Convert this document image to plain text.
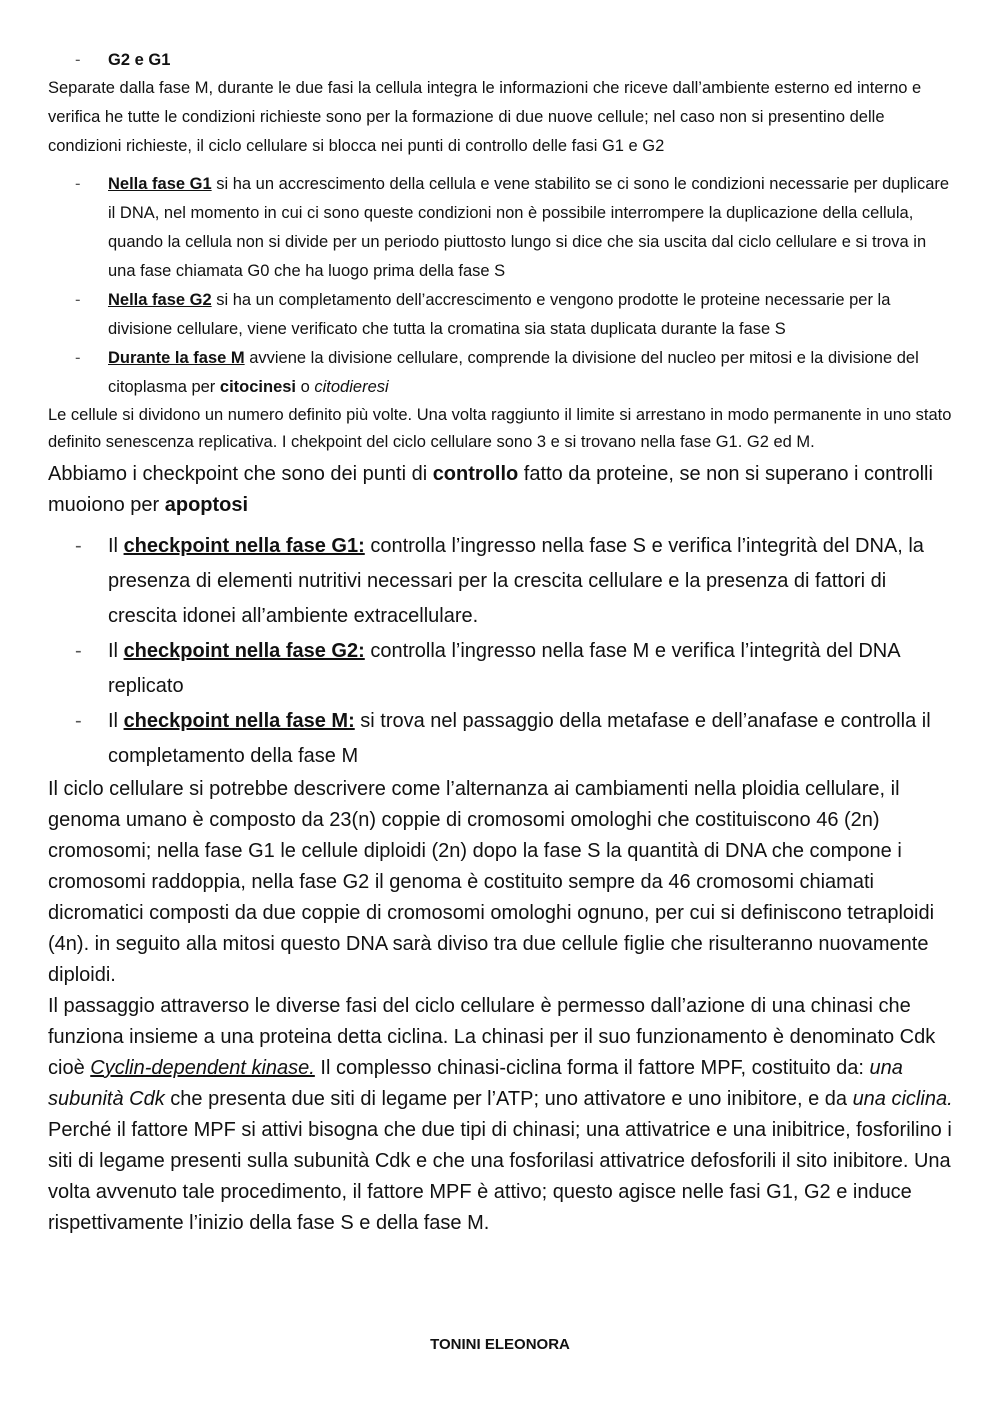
- G2 e G1

Separate dalla fase M, durante le due fasi la cellula integra le informazioni che riceve dall’ambiente esterno ed interno e verifica he tutte le condizioni richieste sono per la formazione di due nuove cellule; nel caso non si presentino delle condizioni richieste, il ciclo cellulare si blocca nei punti di controllo delle fasi G1 e G2

- Nella fase G1 si ha un accrescimento della cellula e vene stabilito se ci sono le condizioni necessarie per duplicare il DNA, nel momento in cui ci sono queste condizioni non è possibile interrompere la duplicazione della cellula, quando la cellula non si divide per un periodo piuttosto lungo si dice che sia uscita dal ciclo cellulare e si trova in una fase chiamata G0 che ha luogo prima della fase S
- Nella fase G2 si ha un completamento dell’accrescimento e vengono prodotte le proteine necessarie per la divisione cellulare, viene verificato che tutta la cromatina sia stata duplicata durante la fase S
- Durante la fase M avviene la divisione cellulare, comprende la divisione del nucleo per mitosi e la divisione del citoplasma per citocinesi o citodieresi

Le cellule si dividono un numero definito più volte. Una volta raggiunto il limite si arrestano in modo permanente in uno stato definito senescenza replicativa. I chekpoint del ciclo cellulare sono 3 e si trovano nella fase G1. G2 ed M.

Abbiamo i checkpoint che sono dei punti di controllo fatto da proteine, se non si superano i controlli muoiono per apoptosi

- Il checkpoint nella fase G1: controlla l’ingresso nella fase S e verifica l’integrità del DNA, la presenza di elementi nutritivi necessari per la crescita cellulare e la presenza di fattori di crescita idonei all’ambiente extracellulare.
- Il checkpoint nella fase G2: controlla l’ingresso nella fase M e verifica l’integrità del DNA replicato
- Il checkpoint nella fase M: si trova nel passaggio della metafase e dell’anafase e controlla il completamento della fase M

Il ciclo cellulare si potrebbe descrivere come l’alternanza ai cambiamenti nella ploidia cellulare, il genoma umano è composto da 23(n) coppie di cromosomi omologhi che costituiscono 46 (2n) cromosomi; nella fase G1 le cellule diploidi (2n) dopo la fase S la quantità di DNA che compone i cromosomi raddoppia, nella fase G2 il genoma è costituito sempre da 46 cromosomi chiamati dicromatici composti da due coppie di cromosomi omologhi ognuno, per cui si definiscono tetraploidi (4n). in seguito alla mitosi questo DNA sarà diviso tra due cellule figlie che risulteranno nuovamente diploidi.

Il passaggio attraverso le diverse fasi del ciclo cellulare è permesso dall’azione di una chinasi che funziona insieme a una proteina detta ciclina. La chinasi per il suo funzionamento è denominato Cdk cioè Cyclin-dependent kinase. Il complesso chinasi-ciclina forma il fattore MPF, costituito da: una subunità Cdk che presenta due siti di legame per l’ATP; uno attivatore e uno inibitore, e da una ciclina. Perché il fattore MPF si attivi bisogna che due tipi di chinasi; una attivatrice e una inibitrice, fosforilino i siti di legame presenti sulla subunità Cdk e che una fosforilasi attivatrice defosforili il sito inibitore. Una volta avvenuto tale procedimento, il fattore MPF è attivo; questo agisce nelle fasi G1, G2 e induce rispettivamente l’inizio della fase S e della fase M.

TONINI ELEONORA
